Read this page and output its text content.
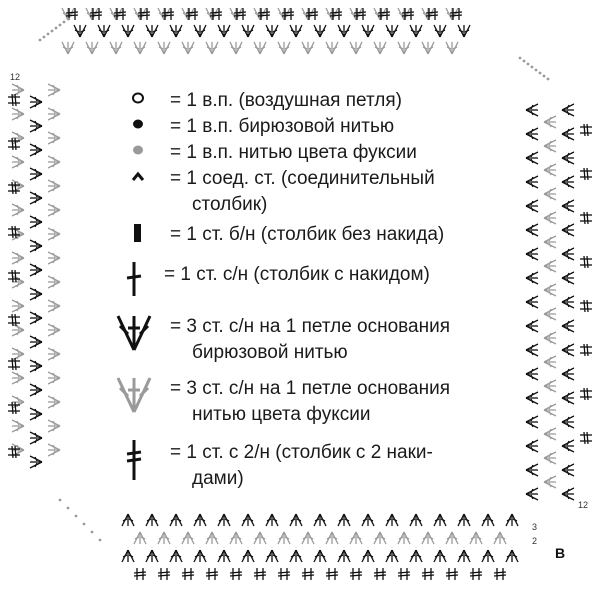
= 1 в.п. (воздушная петля)
= 1 в.п. бирюзовой нитью
= 1 в.п. нитью цвета фуксии
= 1 соед. ст. (соединительный
столбик)
= 1 ст. б/н (столбик без накида)
= 1 ст. с/н (столбик с накидом)
= 3 ст. с/н на 1 петле основания
бирюзовой нитью
= 3 ст. с/н на 1 петле основания
нитью цвета фуксии
= 1 ст. с 2/н (столбик с 2 наки-
дами)
12
12
3
2
В
